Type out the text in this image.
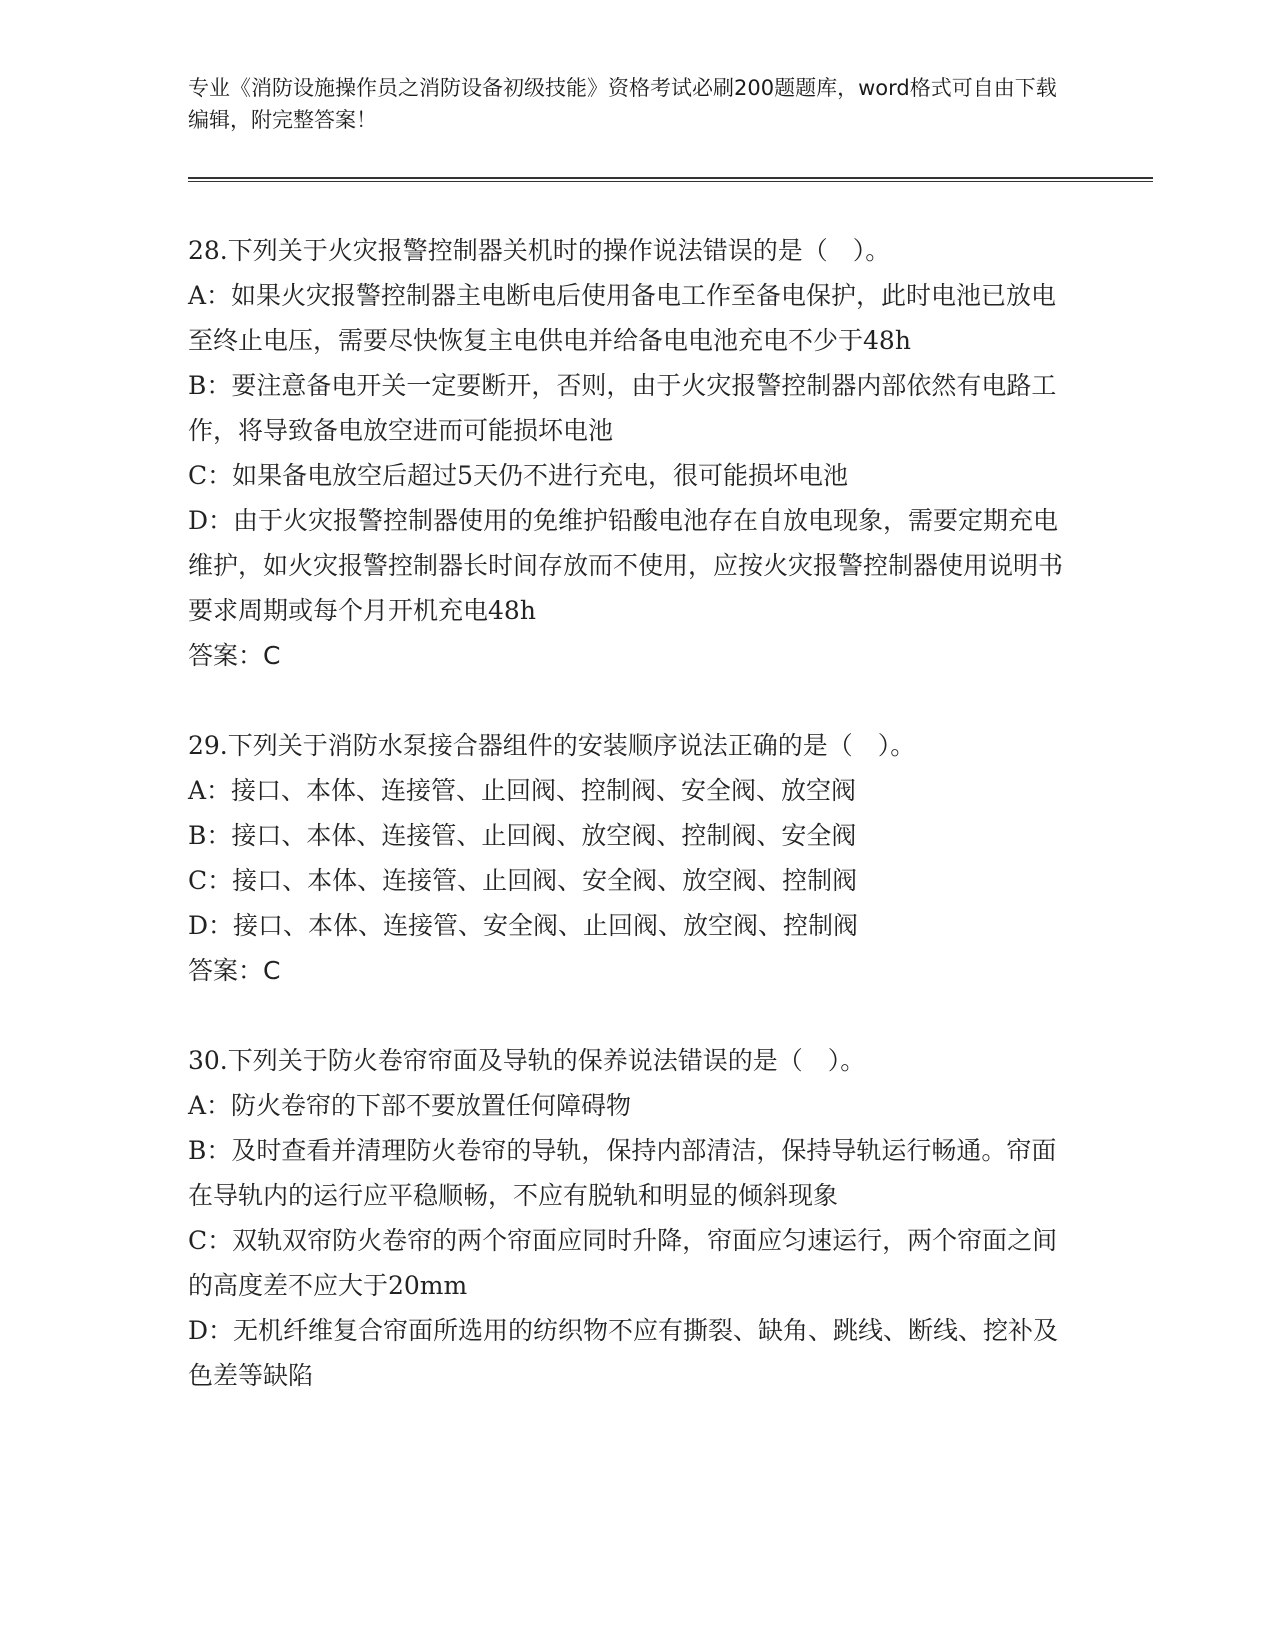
专业《消防设施操作员之消防设备初级技能》资格考试必刷200题题库，word格式可自由下载编辑，附完整答案！

28.下列关于火灾报警控制器关机时的操作说法错误的是（　）。

A：如果火灾报警控制器主电断电后使用备电工作至备电保护，此时电池已放电至终止电压，需要尽快恢复主电供电并给备电电池充电不少于48h

B：要注意备电开关一定要断开，否则，由于火灾报警控制器内部依然有电路工作，将导致备电放空进而可能损坏电池

C：如果备电放空后超过5天仍不进行充电，很可能损坏电池

D：由于火灾报警控制器使用的免维护铅酸电池存在自放电现象，需要定期充电维护，如火灾报警控制器长时间存放而不使用，应按火灾报警控制器使用说明书要求周期或每个月开机充电48h

答案：C

29.下列关于消防水泵接合器组件的安装顺序说法正确的是（　）。

A：接口、本体、连接管、止回阀、控制阀、安全阀、放空阀

B：接口、本体、连接管、止回阀、放空阀、控制阀、安全阀

C：接口、本体、连接管、止回阀、安全阀、放空阀、控制阀

D：接口、本体、连接管、安全阀、止回阀、放空阀、控制阀

答案：C

30.下列关于防火卷帘帘面及导轨的保养说法错误的是（　）。

A：防火卷帘的下部不要放置任何障碍物

B：及时查看并清理防火卷帘的导轨，保持内部清洁，保持导轨运行畅通。帘面在导轨内的运行应平稳顺畅，不应有脱轨和明显的倾斜现象

C：双轨双帘防火卷帘的两个帘面应同时升降，帘面应匀速运行，两个帘面之间的高度差不应大于20mm

D：无机纤维复合帘面所选用的纺织物不应有撕裂、缺角、跳线、断线、挖补及色差等缺陷
